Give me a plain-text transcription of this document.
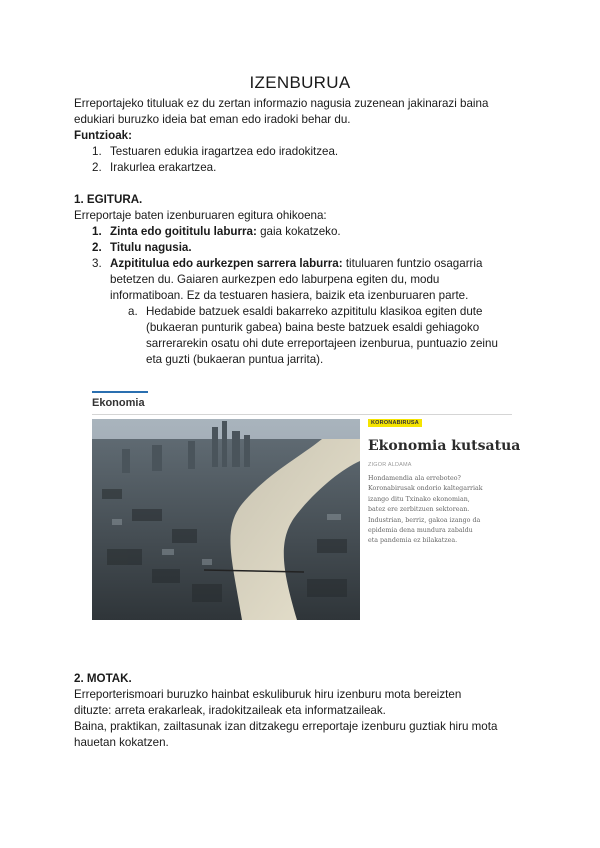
IZENBURUA
Erreportajeko tituluak ez du zertan informazio nagusia zuzenean jakinarazi baina
edukiari buruzko ideia bat eman edo iradoki behar du.
Funtzioak:
1. Testuaren edukia iragartzea edo iradokitzea.
2. Irakurlea erakartzea.
1. EGITURA.
Erreportaje baten izenburuaren egitura ohikoena:
1. Zinta edo goititulu laburra: gaia kokatzeko.
2. Titulu nagusia.
3. Azpititulua edo aurkezpen sarrera laburra: tituluaren funtzio osagarria
betetzen du. Gaiaren aurkezpen edo laburpena egiten du, modu
informatiboan. Ez da testuaren hasiera, baizik eta izenburuaren parte.
a. Hedabide batzuek esaldi bakarreko azpititulu klasikoa egiten dute
(bukaeran punturik gabea) baina beste batzuek esaldi gehiagoko
sarrerarekin osatu ohi dute erreportajeen izenburua, puntuazio zeinu
eta guzti (bukaeran puntua jarrita).
Ekonomia
KORONABIRUSA
Ekonomia kutsatua
ZIGOR ALDAMA
Hondamendia ala erreboteo?
Koronabirusak ondorio kaltegarriak
izango ditu Txinako ekonomian,
batez ere zerbitzuen sektorean.
Industrian, berriz, gakoa izango da
epidemia dena mundura zabaldu
eta pandemia ez bilakatzea.
2. MOTAK.
Erreporterismoari buruzko hainbat eskuliburuk hiru izenburu mota bereizten
dituzte: arreta erakarleak, iradokitzaileak eta informatzaileak.
Baina, praktikan, zailtasunak izan ditzakegu erreportaje izenburu guztiak hiru mota
hauetan kokatzen.
